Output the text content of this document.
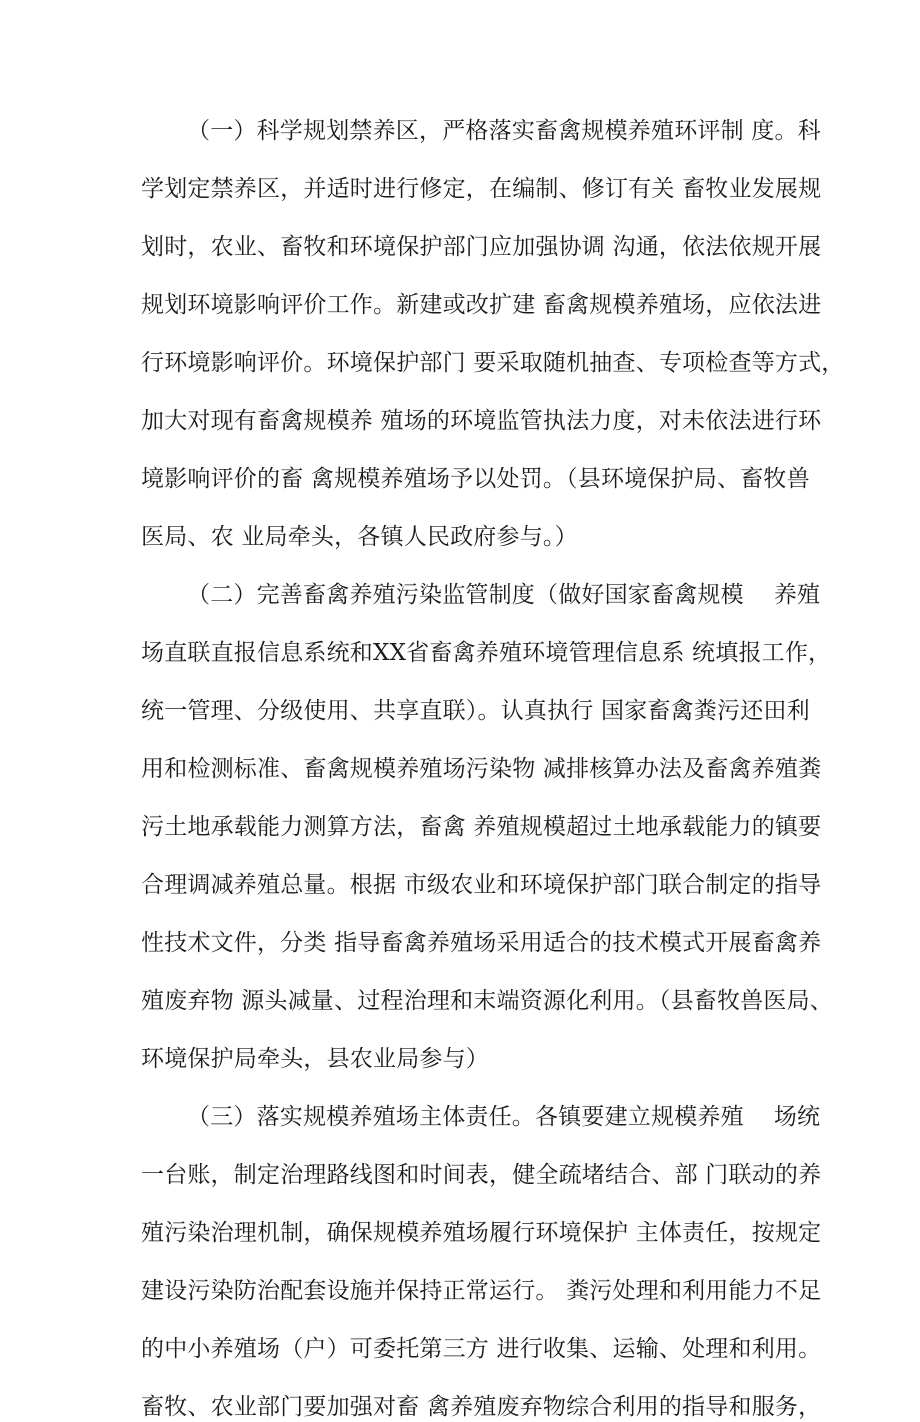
（一）科学规划禁养区，严格落实畜禽规模养殖环评制 度。科
学划定禁养区，并适时进行修定，在编制、修订有关 畜牧业发展规
划时，农业、畜牧和环境保护部门应加强协调 沟通，依法依规开展
规划环境影响评价工作。新建或改扩建 畜禽规模养殖场，应依法进
行环境影响评价。环境保护部门 要采取随机抽查、专项检查等方式，
加大对现有畜禽规模养 殖场的环境监管执法力度，对未依法进行环
境影响评价的畜 禽规模养殖场予以处罚。（县环境保护局、畜牧兽
医局、农 业局牵头，各镇人民政府参与。）
（二）完善畜禽养殖污染监管制度（做好国家畜禽规模    养殖
场直联直报信息系统和XX省畜禽养殖环境管理信息系 统填报工作，
统一管理、分级使用、共享直联）。认真执行 国家畜禽粪污还田利
用和检测标准、畜禽规模养殖场污染物 减排核算办法及畜禽养殖粪
污土地承载能力测算方法，畜禽 养殖规模超过土地承载能力的镇要
合理调减养殖总量。根据 市级农业和环境保护部门联合制定的指导
性技术文件，分类 指导畜禽养殖场采用适合的技术模式开展畜禽养
殖废弃物 源头减量、过程治理和末端资源化利用。（县畜牧兽医局、
环境保护局牵头，县农业局参与）
（三）落实规模养殖场主体责任。各镇要建立规模养殖    场统
一台账，制定治理路线图和时间表，健全疏堵结合、部 门联动的养
殖污染治理机制，确保规模养殖场履行环境保护 主体责任，按规定
建设污染防治配套设施并保持正常运行。 粪污处理和利用能力不足
的中小养殖场（户）可委托第三方 进行收集、运输、处理和利用。
畜牧、农业部门要加强对畜 禽养殖废弃物综合利用的指导和服务，
